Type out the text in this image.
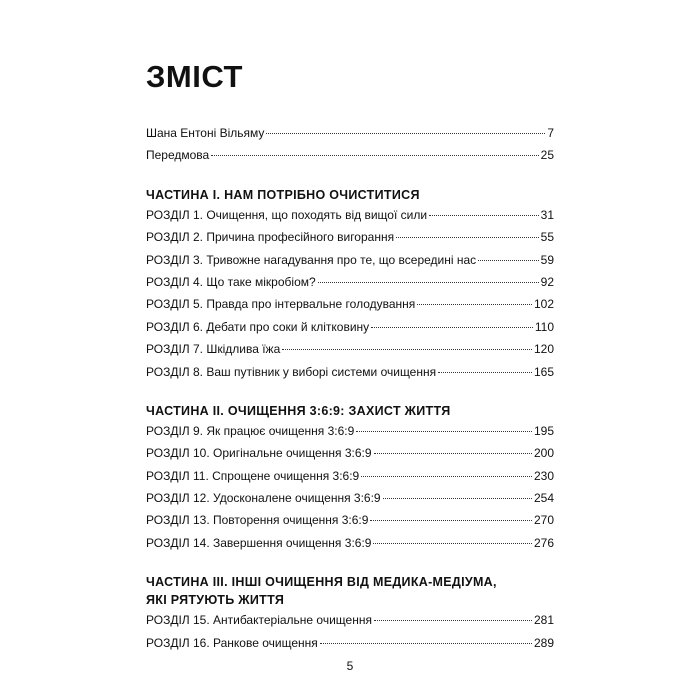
ЗМІСТ
Шана Ентоні Вільяму	7
Передмова	25

ЧАСТИНА I. НАМ ПОТРІБНО ОЧИСТИТИСЯ

РОЗДІЛ 1. Очищення, що походять від вищої сили	31
РОЗДІЛ 2. Причина професійного вигорання	55
РОЗДІЛ 3. Тривожне нагадування про те, що всередині нас	59
РОЗДІЛ 4. Що таке мікробіом?	92
РОЗДІЛ 5. Правда про інтервальне голодування	102
РОЗДІЛ 6. Дебати про соки й клітковину	110
РОЗДІЛ 7. Шкідлива їжа	120
РОЗДІЛ 8. Ваш путівник у виборі системи очищення	165

ЧАСТИНА II. ОЧИЩЕННЯ 3:6:9: ЗАХИСТ ЖИТТЯ

РОЗДІЛ 9. Як працює очищення 3:6:9	195
РОЗДІЛ 10. Оригінальне очищення 3:6:9	200
РОЗДІЛ 11. Спрощене очищення 3:6:9	230
РОЗДІЛ 12. Удосконалене очищення 3:6:9	254
РОЗДІЛ 13. Повторення очищення 3:6:9	270
РОЗДІЛ 14. Завершення очищення 3:6:9	276

ЧАСТИНА III. ІНШІ ОЧИЩЕННЯ ВІД МЕДИКА-МЕДІУМА,

ЯКІ РЯТУЮТЬ ЖИТТЯ

РОЗДІЛ 15. Антибактеріальне очищення	281
РОЗДІЛ 16. Ранкове очищення	289
5
